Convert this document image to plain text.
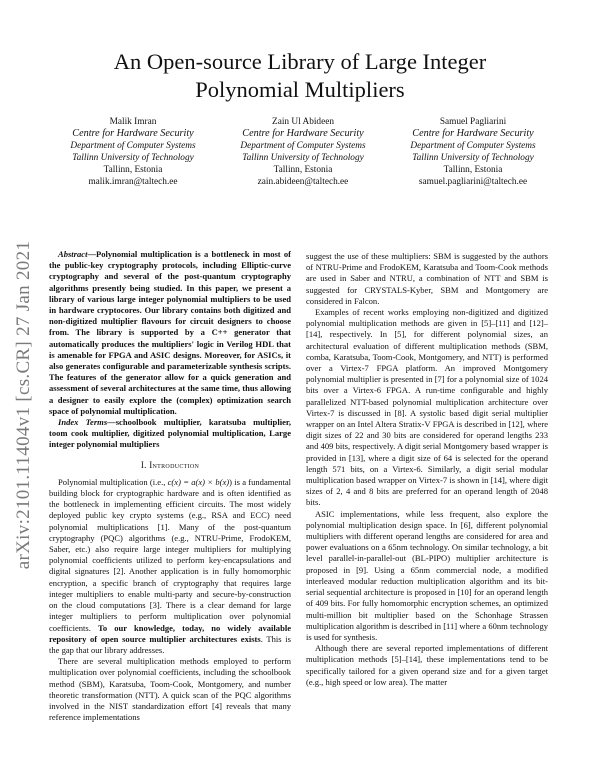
arXiv:2101.11404v1 [cs.CR] 27 Jan 2021
An Open-source Library of Large Integer
Polynomial Multipliers
Malik Imran
Centre for Hardware Security
Department of Computer Systems
Tallinn University of Technology
Tallinn, Estonia
malik.imran@taltech.ee
Zain Ul Abideen
Centre for Hardware Security
Department of Computer Systems
Tallinn University of Technology
Tallinn, Estonia
zain.abideen@taltech.ee
Samuel Pagliarini
Centre for Hardware Security
Department of Computer Systems
Tallinn University of Technology
Tallinn, Estonia
samuel.pagliarini@taltech.ee

Abstract—Polynomial multiplication is a bottleneck in most of the public-key cryptography protocols, including Elliptic-curve cryptography and several of the post-quantum cryptography algorithms presently being studied. In this paper, we present a library of various large integer polynomial multipliers to be used in hardware cryptocores. Our library contains both digitized and non-digitized multiplier flavours for circuit designers to choose from. The library is supported by a C++ generator that automatically produces the multipliers' logic in Verilog HDL that is amenable for FPGA and ASIC designs. Moreover, for ASICs, it also generates configurable and parameterizable synthesis scripts. The features of the generator allow for a quick generation and assessment of several architectures at the same time, thus allowing a designer to easily explore the (complex) optimization search space of polynomial multiplication.

Index Terms—schoolbook multiplier, karatsuba multiplier, toom cook multiplier, digitized polynomial multiplication, Large integer polynomial multipliers

I. Introduction

Polynomial multiplication (i.e., c(x) = a(x) × b(x)) is a fundamental building block for cryptographic hardware and is often identified as the bottleneck in implementing efficient circuits. The most widely deployed public key crypto systems (e.g., RSA and ECC) need polynomial multiplications [1]. Many of the post-quantum cryptography (PQC) algorithms (e.g., NTRU-Prime, FrodoKEM, Saber, etc.) also require large integer multipliers for multiplying polynomial coefficients utilized to perform key-encapsulations and digital signatures [2]. Another application is in fully homomorphic encryption, a specific branch of cryptography that requires large integer multipliers to enable multi-party and secure-by-construction on the cloud computations [3]. There is a clear demand for large integer multipliers to perform multiplication over polynomial coefficients. To our knowledge, today, no widely available repository of open source multiplier architectures exists. This is the gap that our library addresses.

There are several multiplication methods employed to perform multiplication over polynomial coefficients, including the schoolbook method (SBM), Karatsuba, Toom-Cook, Montgomery, and number theoretic transformation (NTT). A quick scan of the PQC algorithms involved in the NIST standardization effort [4] reveals that many reference implementations

suggest the use of these multipliers: SBM is suggested by the authors of NTRU-Prime and FrodoKEM, Karatsuba and Toom-Cook methods are used in Saber and NTRU, a combination of NTT and SBM is suggested for CRYSTALS-Kyber, SBM and Montgomery are considered in Falcon.

Examples of recent works employing non-digitized and digitized polynomial multiplication methods are given in [5]–[11] and [12]–[14], respectively. In [5], for different polynomial sizes, an architectural evaluation of different multiplication methods (SBM, comba, Karatsuba, Toom-Cook, Montgomery, and NTT) is performed over a Virtex-7 FPGA platform. An improved Montgomery polynomial multiplier is presented in [7] for a polynomial size of 1024 bits over a Virtex-6 FPGA. A run-time configurable and highly parallelized NTT-based polynomial multiplication architecture over Virtex-7 is discussed in [8]. A systolic based digit serial multiplier wrapper on an Intel Altera Stratix-V FPGA is described in [12], where digit sizes of 22 and 30 bits are considered for operand lengths 233 and 409 bits, respectively. A digit serial Montgomery based wrapper is provided in [13], where a digit size of 64 is selected for the operand length 571 bits, on a Virtex-6. Similarly, a digit serial modular multiplication based wrapper on Virtex-7 is shown in [14], where digit sizes of 2, 4 and 8 bits are preferred for an operand length of 2048 bits.

ASIC implementations, while less frequent, also explore the polynomial multiplication design space. In [6], different polynomial multipliers with different operand lengths are considered for area and power evaluations on a 65nm technology. On similar technology, a bit level parallel-in-parallel-out (BL-PIPO) multiplier architecture is proposed in [9]. Using a 65nm commercial node, a modified interleaved modular reduction multiplication algorithm and its bit-serial sequential architecture is proposed in [10] for an operand length of 409 bits. For fully homomorphic encryption schemes, an optimized multi-million bit multiplier based on the Schonhage Strassen multiplication algorithm is described in [11] where a 60nm technology is used for synthesis.

Although there are several reported implementations of different multiplication methods [5]–[14], these implementations tend to be specifically tailored for a given operand size and for a given target (e.g., high speed or low area). The matter
